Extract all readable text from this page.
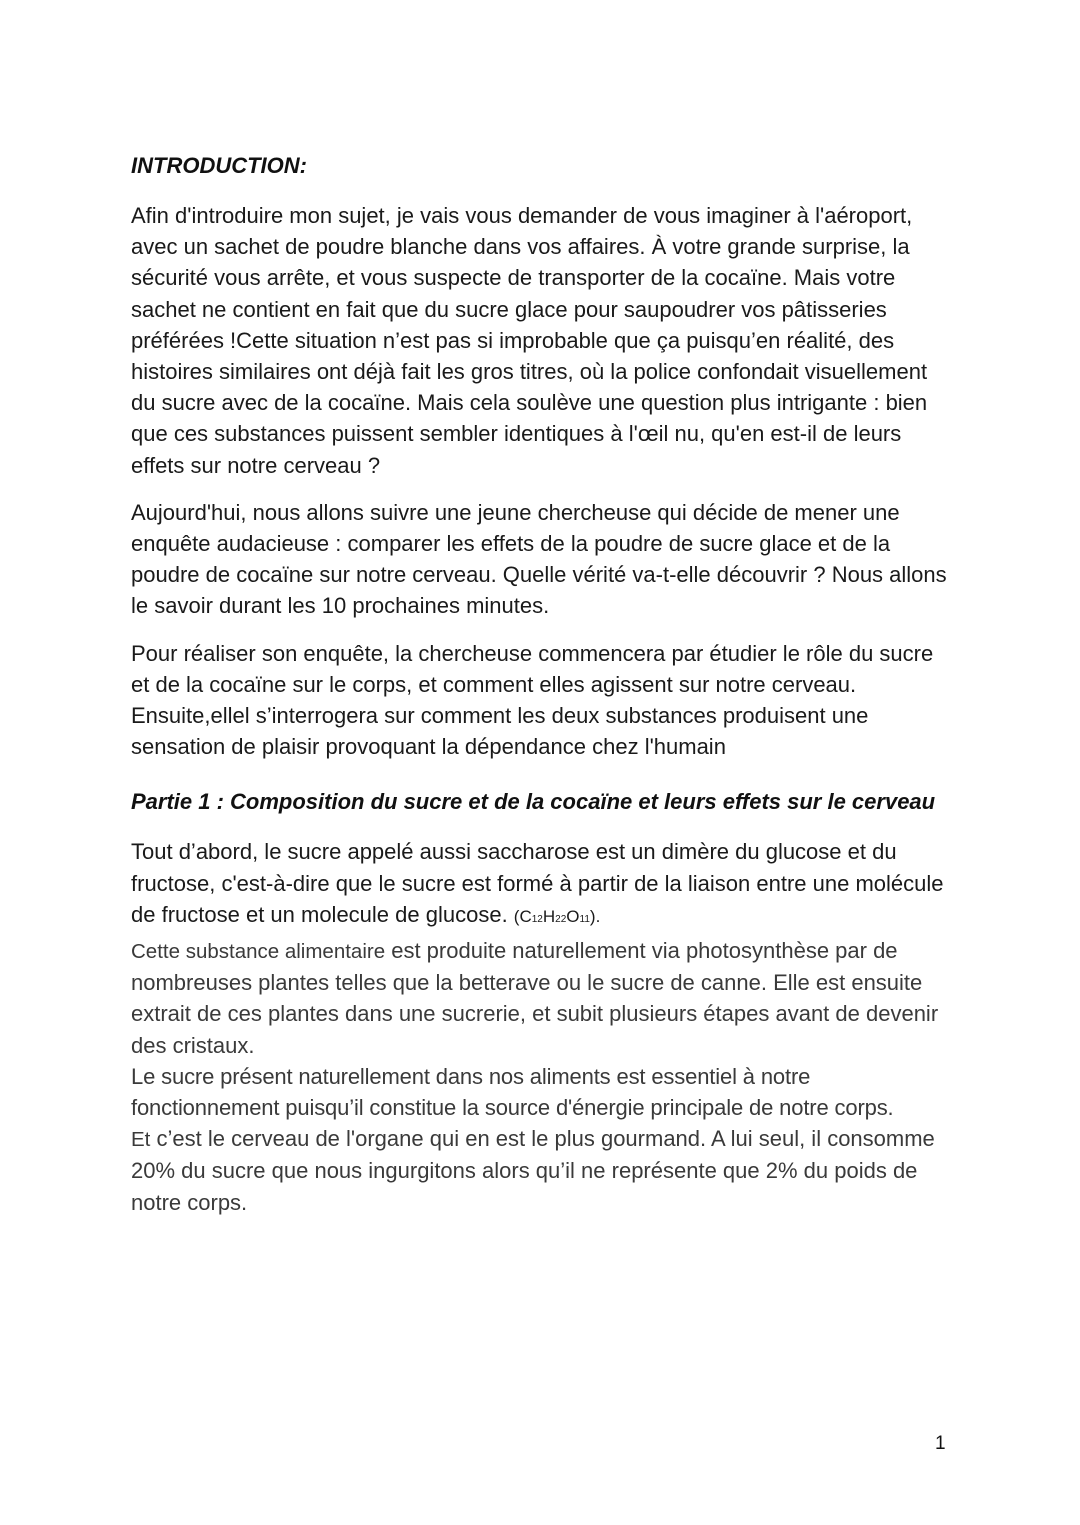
INTRODUCTION:

Afin d'introduire mon sujet, je vais vous demander de vous imaginer à l'aéroport, avec un sachet de poudre blanche dans vos affaires. À votre grande surprise, la sécurité vous arrête, et vous suspecte de transporter de la cocaïne. Mais votre sachet ne contient en fait que du sucre glace pour saupoudrer vos pâtisseries préférées !Cette situation n’est pas si improbable que ça puisqu’en réalité, des histoires similaires ont déjà fait les gros titres, où la police confondait visuellement du sucre avec de la cocaïne. Mais cela soulève une question plus intrigante : bien que ces substances puissent sembler identiques à l'œil nu, qu'en est-il de leurs effets sur notre cerveau ?

Aujourd'hui, nous allons suivre une jeune chercheuse qui décide de mener une enquête audacieuse : comparer les effets de la poudre de sucre glace et de la poudre de cocaïne sur notre cerveau. Quelle vérité va-t-elle découvrir ? Nous allons le savoir durant les 10 prochaines minutes.

Pour réaliser son enquête, la chercheuse commencera par étudier le rôle du sucre et de la cocaïne sur le corps, et comment elles agissent sur notre cerveau. Ensuite,ellel s’interrogera sur comment les deux substances produisent une sensation de plaisir provoquant la dépendance chez l'humain

Partie 1 : Composition du sucre et de la cocaïne et leurs effets sur le cerveau

Tout d’abord, le sucre appelé aussi saccharose est un dimère du glucose et du fructose, c'est-à-dire que le sucre est formé à partir de la liaison entre une molécule de fructose et un molecule de glucose. (C12H22O11).

Cette substance alimentaire est produite naturellement via photosynthèse par de nombreuses plantes telles que la betterave ou le sucre de canne. Elle est ensuite extrait de ces plantes dans une sucrerie, et subit plusieurs étapes avant de devenir des cristaux.

Le sucre présent naturellement dans nos aliments est essentiel à notre fonctionnement puisqu’il constitue la source d'énergie principale de notre corps.

Et c’est le cerveau de l'organe qui en est le plus gourmand. A lui seul, il consomme 20% du sucre que nous ingurgitons alors qu’il ne représente que 2% du poids de notre corps.

1
